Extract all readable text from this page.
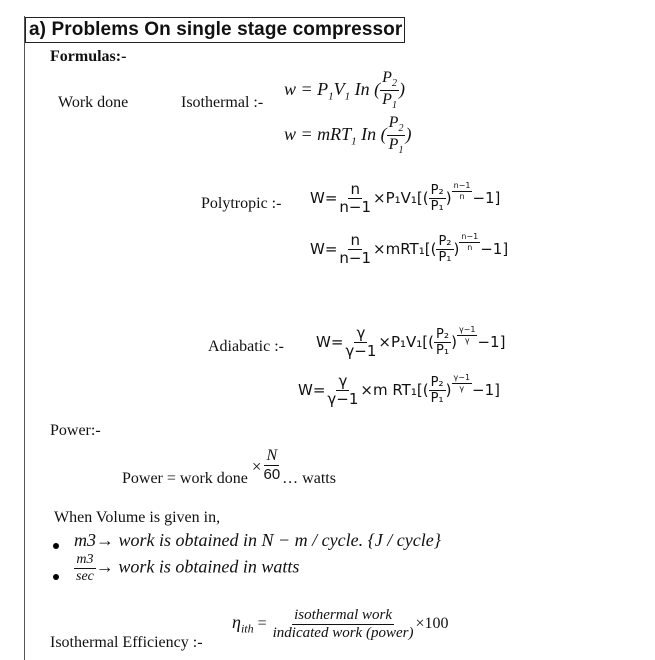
a) Problems On single stage compressor
Formulas:-
Work done	Isothermal :-
$w = P_1V_1$ In ( $\frac{P_2}{P_1}$ )
w = mRT$_1$ In ( $\frac{P_2}{P_1}$ )
Polytropic :- $W= \frac{n}{n-1} \times P_1V_1[( \frac{\text{P₂}}{\text{P₁}}$ ) $\frac{n-1}{n} -1$]
$W= \frac{n}{n-1} \times mRT_1[( \frac{\text{P₂}}{\text{P₁}}$ ) $\frac{n-1}{n} -1$]
Adiabatic :- $W= \frac{\gamma}{\gamma-1} \times P_1V_1[( \frac{\text{P₂}}{\text{P₁}}$ ) $\frac{\gamma-1}{\gamma} -1$]
$W= \frac{\gamma}{\gamma-1} \times m$ $RT_1[( \frac{\text{P₂}}{\text{P₁}}$ ) $\frac{\gamma-1}{\gamma} -1$]
Power:-
Power = work done × $\frac{N}{60}$ … watts
When Volume is given in,
m3→ work is obtained in N − m / cycle. {J / cycle}
$\frac{m3}{\sec}$ → work is obtained in watts
Isothermal Efficiency :-
$\eta_{ith} = \frac{\text{isothermal work}}{\text{indicated work (power)}} \times 100$
